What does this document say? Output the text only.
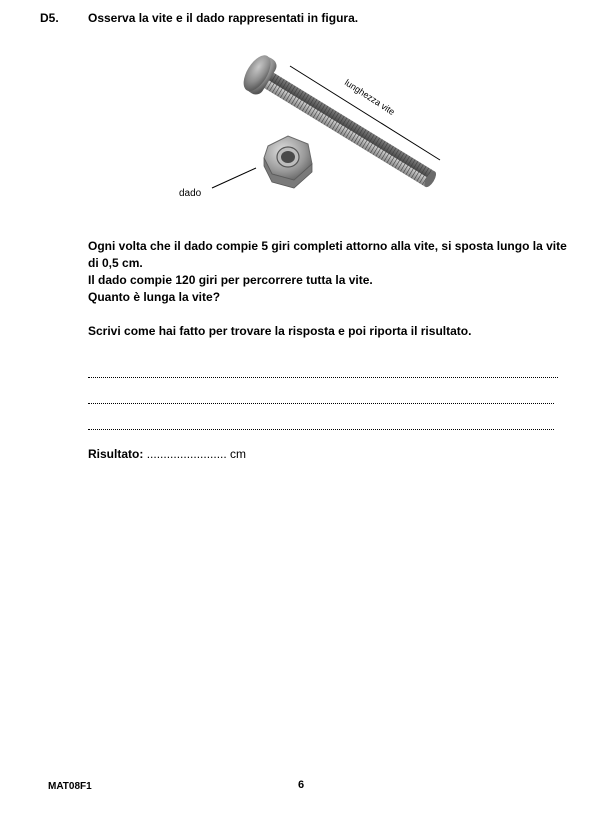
D5. Osserva la vite e il dado rappresentati in figura.
lunghezza vite
dado
Ogni volta che il dado compie 5 giri completi attorno alla vite, si sposta lungo la vite di 0,5 cm.
Il dado compie 120 giri per percorrere tutta la vite.
Quanto è lunga la vite?
Scrivi come hai fatto per trovare la risposta e poi riporta il risultato.
Risultato: ........................ cm
MAT08F1	6
